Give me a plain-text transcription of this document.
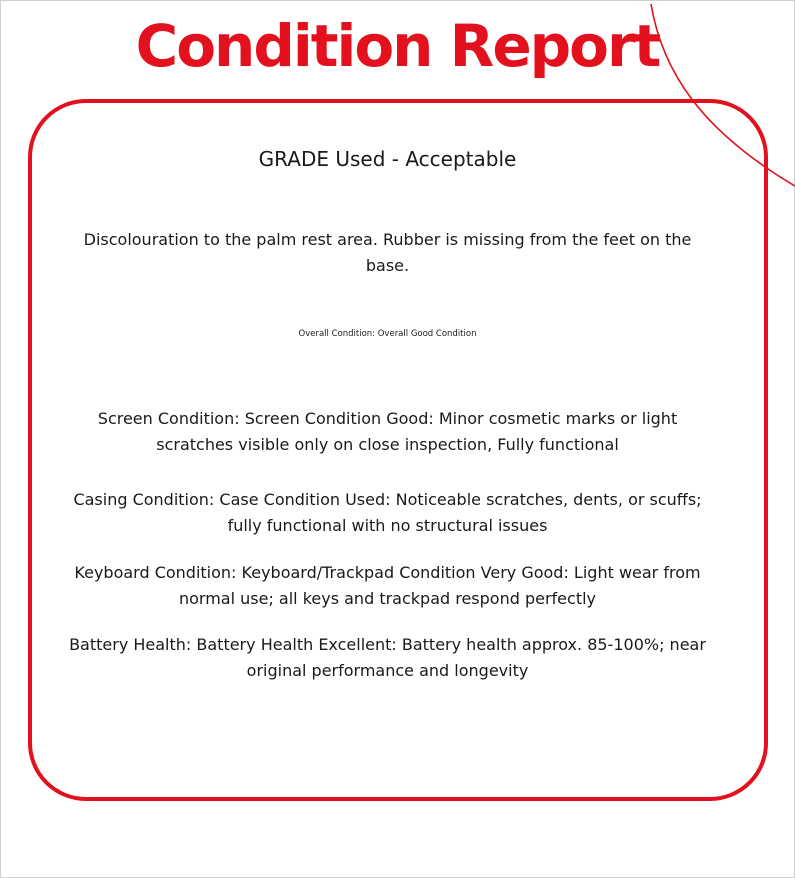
Condition Report

GRADE Used - Acceptable

Discolouration to the palm rest area. Rubber is missing from the feet on the base.

Overall Condition: Overall Good Condition

Screen Condition: Screen Condition Good: Minor cosmetic marks or light scratches visible only on close inspection, Fully functional

Casing Condition: Case Condition Used: Noticeable scratches, dents, or scuffs; fully functional with no structural issues

Keyboard Condition: Keyboard/Trackpad Condition Very Good: Light wear from normal use; all keys and trackpad respond perfectly

Battery Health: Battery Health Excellent: Battery health approx. 85-100%; near original performance and longevity
